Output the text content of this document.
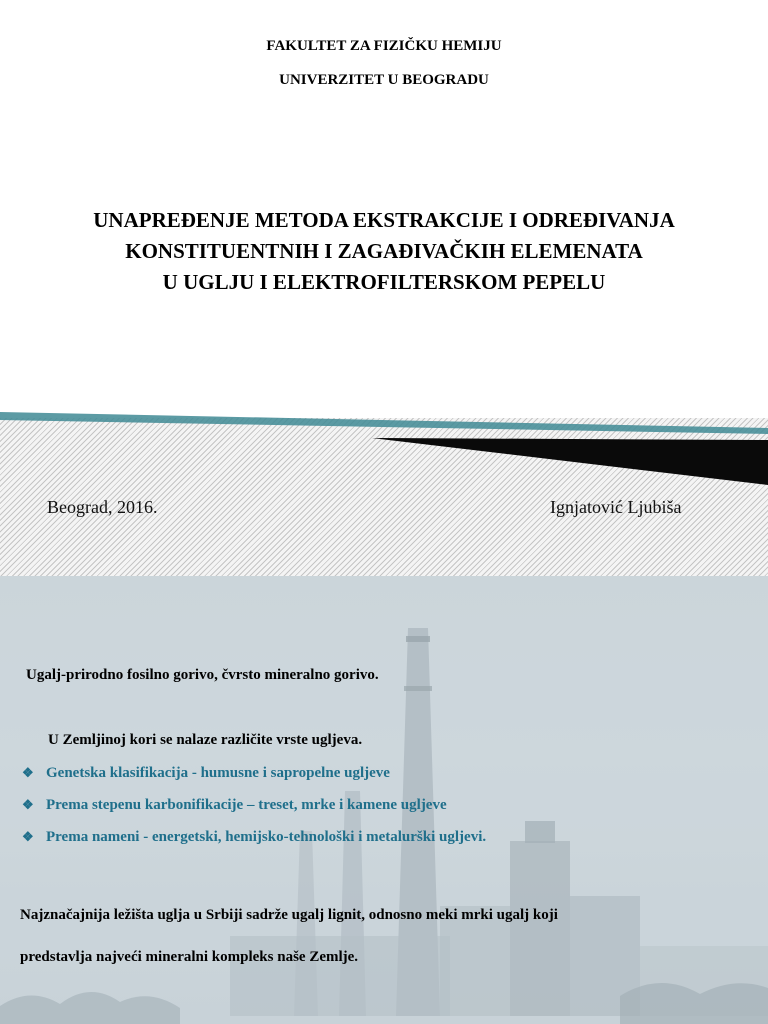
FAKULTET ZA FIZIČKU HEMIJU
UNIVERZITET U BEOGRADU
UNAPREĐENJE METODA EKSTRAKCIJE I ODREĐIVANJA
KONSTITUENTNIH I ZAGAĐIVAČKIH ELEMENATA
U UGLJU I ELEKTROFILTERSKOM PEPELU
Beograd, 2016.	Ignjatović Ljubiša
Ugalj-prirodno fosilno gorivo, čvrsto mineralno gorivo.
U Zemljinoj kori se nalaze različite vrste ugljeva.
❖ Genetska klasifikacija - humusne i sapropelne ugljeve
❖ Prema stepenu karbonifikacije – treset, mrke i kamene ugljeve
❖ Prema nameni - energetski, hemijsko-tehnološki i metalurški ugljevi.
Najznačajnija ležišta uglja u Srbiji sadrže ugalj lignit, odnosno meki mrki ugalj koji
predstavlja najveći mineralni kompleks naše Zemlje.
